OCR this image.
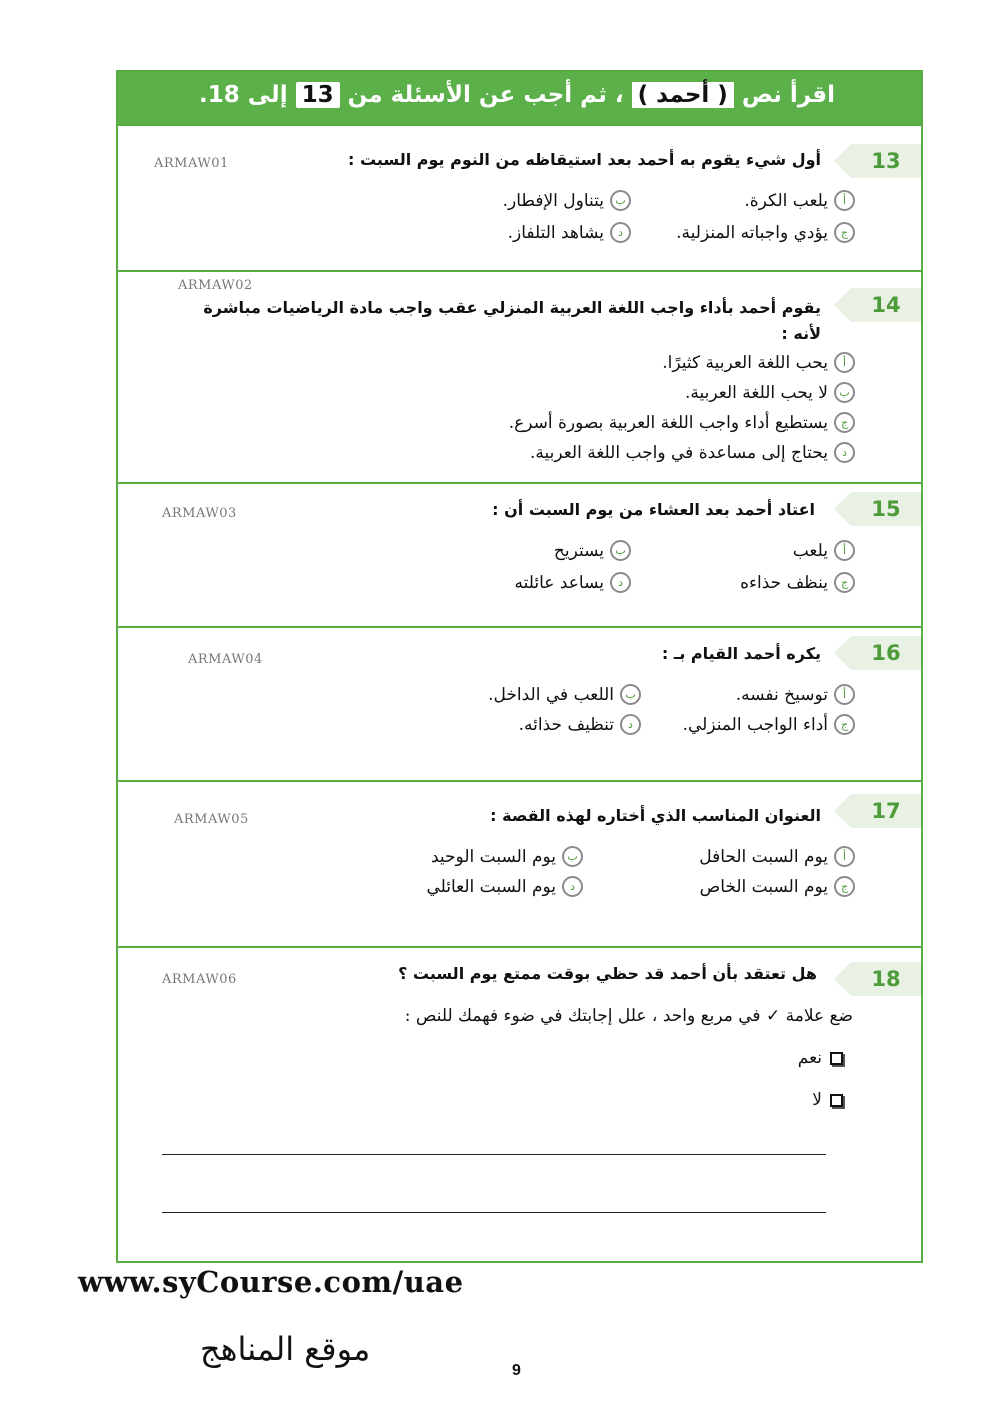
اقرأ نص ( أحمد ) ، ثم أجب عن الأسئلة من 13 إلى 18.
13
ARMAW01	أول شيء يقوم به أحمد بعد استيقاظه من النوم يوم السبت :
أ
يلعب الكرة.
ب
يتناول الإفطار.
ج
يؤدي واجباته المنزلية.
د
يشاهد التلفاز.
14
ARMAW02
يقوم أحمد بأداء واجب اللغة العربية المنزلي عقب واجب مادة الرياضيات مباشرة
لأنه :
أ
يحب اللغة العربية كثيرًا.
ب
لا يحب اللغة العربية.
ج
يستطيع أداء واجب اللغة العربية بصورة أسرع.
د
يحتاج إلى مساعدة في واجب اللغة العربية.
15
ARMAW03	اعتاد أحمد بعد العشاء من يوم السبت أن :
أ
يلعب
ب
يستريح
ج
ينظف حذاءه
د
يساعد عائلته
16
ARMAW04	يكره أحمد القيام بـ :
أ
توسيخ نفسه.
ب
اللعب في الداخل.
ج
أداء الواجب المنزلي.
د
تنظيف حذائه.
17
ARMAW05	العنوان المناسب الذي أختاره لهذه القصة :
أ
يوم السبت الحافل
ب
يوم السبت الوحيد
ج
يوم السبت الخاص
د
يوم السبت العائلي
18
ARMAW06	هل تعتقد بأن أحمد قد حظي بوقت ممتع يوم السبت ؟
ضع علامة ✓ في مربع واحد ، علل إجابتك في ضوء فهمك للنص :
نعم
لا
www.syCourse.com/uae
موقع المناهج
9
